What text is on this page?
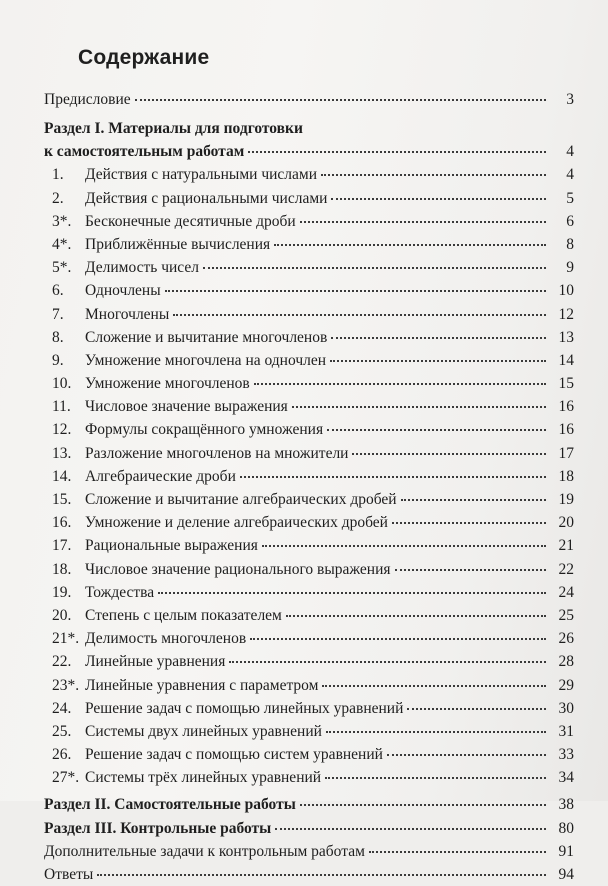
Содержание
Предисловие	3
Раздел I. Материалы для подготовки
к самостоятельным работам	4
1.	Действия с натуральными числами	4
2.	Действия с рациональными числами	5
3*. Бесконечные десятичные дроби	6
4*. Приближённые вычисления	8
5*. Делимость чисел	9
6.	Одночлены	10
7.	Многочлены	12
8.	Сложение и вычитание многочленов	13
9.	Умножение многочлена на одночлен	14
10. Умножение многочленов	15
11. Числовое значение выражения	16
12. Формулы сокращённого умножения	16
13. Разложение многочленов на множители	17
14. Алгебраические дроби	18
15. Сложение и вычитание алгебраических дробей	19
16. Умножение и деление алгебраических дробей	20
17. Рациональные выражения	21
18. Числовое значение рационального выражения	22
19. Тождества	24
20. Степень с целым показателем	25
21*. Делимость многочленов	26
22. Линейные уравнения	28
23*. Линейные уравнения с параметром	29
24. Решение задач с помощью линейных уравнений	30
25. Системы двух линейных уравнений	31
26. Решение задач с помощью систем уравнений	33
27*. Системы трёх линейных уравнений	34
Раздел II. Самостоятельные работы	38
Раздел III. Контрольные работы	80
Дополнительные задачи к контрольным работам	91
Ответы	94
